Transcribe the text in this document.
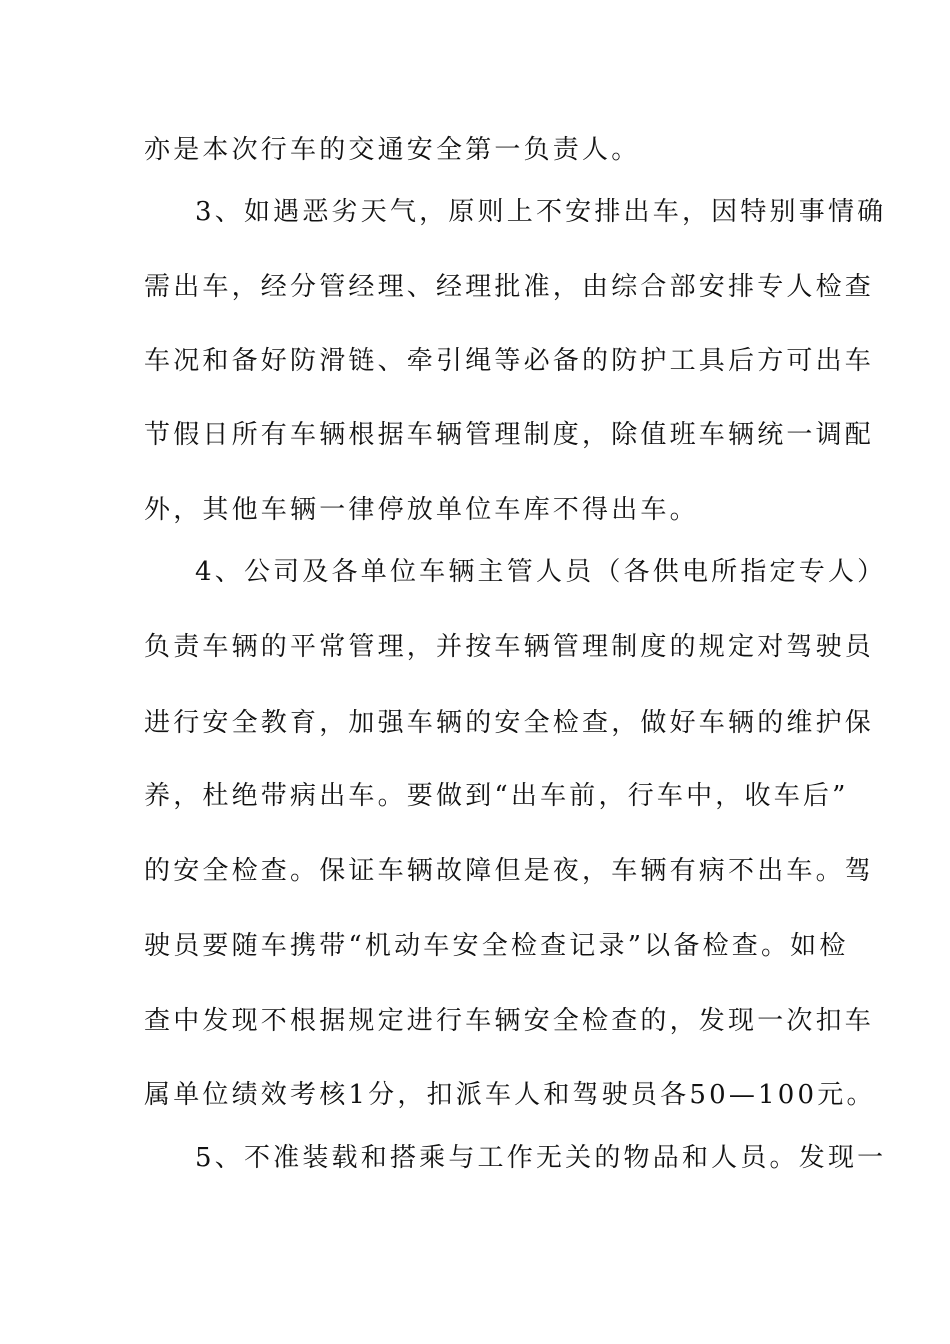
亦是本次行车的交通安全第一负责人。
3、如遇恶劣天气，原则上不安排出车，因特别事情确
需出车，经分管经理、经理批准，由综合部安排专人检查
车况和备好防滑链、牵引绳等必备的防护工具后方可出车
节假日所有车辆根据车辆管理制度，除值班车辆统一调配
外，其他车辆一律停放单位车库不得出车。
4、公司及各单位车辆主管人员（各供电所指定专人）
负责车辆的平常管理，并按车辆管理制度的规定对驾驶员
进行安全教育，加强车辆的安全检查，做好车辆的维护保
养，杜绝带病出车。要做到“出车前，行车中，收车后”
的安全检查。保证车辆故障但是夜，车辆有病不出车。驾
驶员要随车携带“机动车安全检查记录”以备检查。如检
查中发现不根据规定进行车辆安全检查的，发现一次扣车
属单位绩效考核1分，扣派车人和驾驶员各50—100元。
5、不准装载和搭乘与工作无关的物品和人员。发现一
